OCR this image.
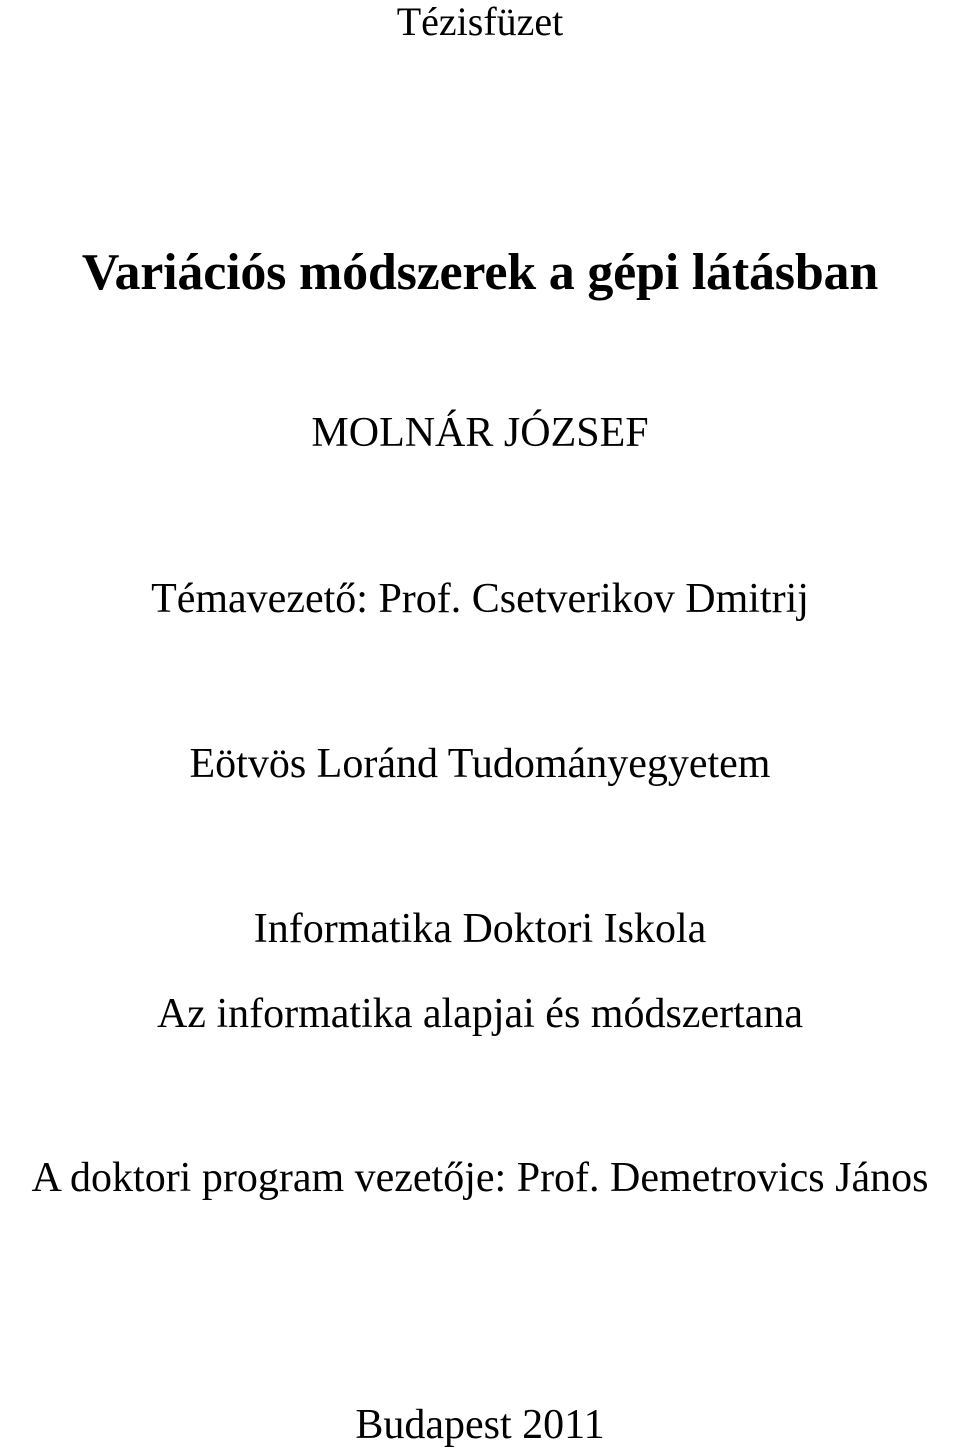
Tézisfüzet
Variációs módszerek a gépi látásban
MOLNÁR JÓZSEF
Témavezető: Prof. Csetverikov Dmitrij
Eötvös Loránd Tudományegyetem
Informatika Doktori Iskola
Az informatika alapjai és módszertana
A doktori program vezetője: Prof. Demetrovics János
Budapest 2011
